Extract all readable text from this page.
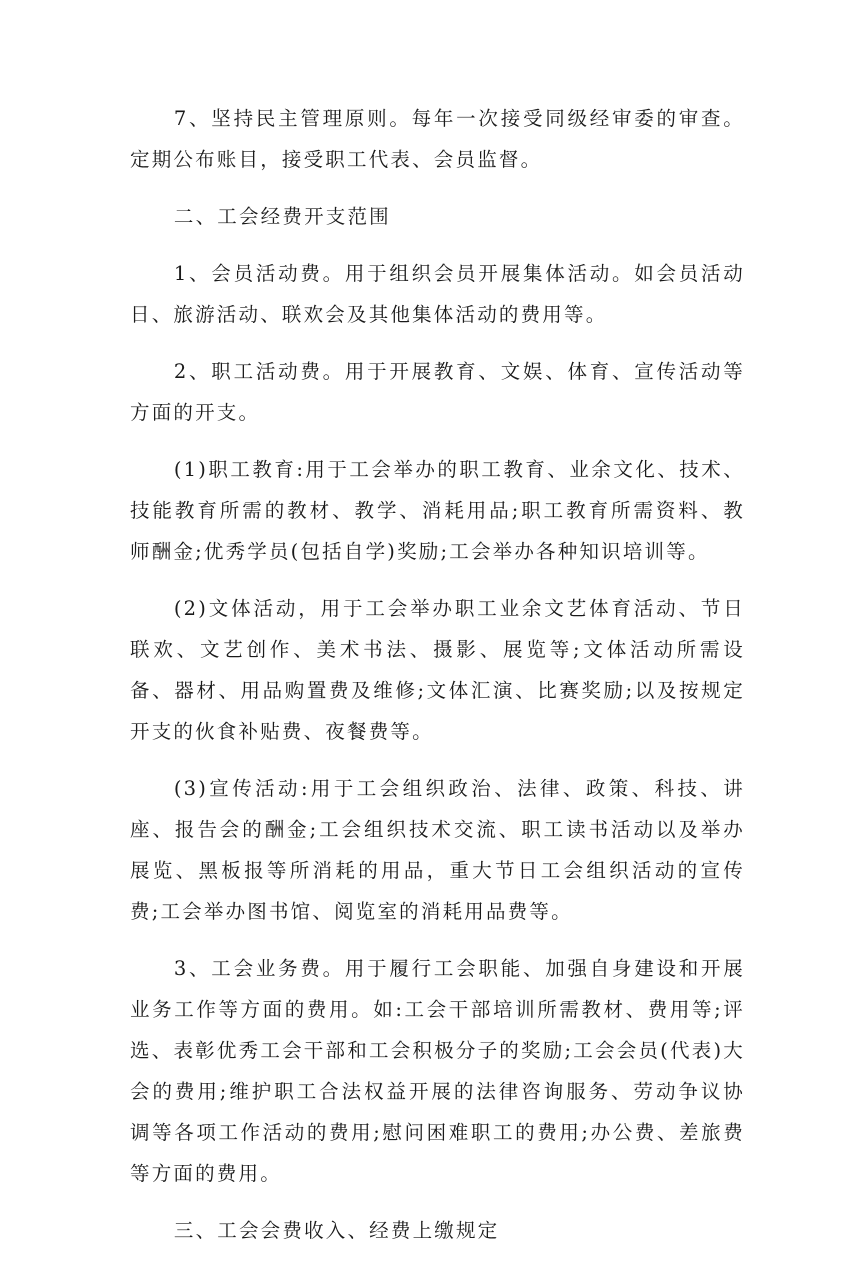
7、坚持民主管理原则。每年一次接受同级经审委的审查。定期公布账目，接受职工代表、会员监督。

二、工会经费开支范围

1、会员活动费。用于组织会员开展集体活动。如会员活动日、旅游活动、联欢会及其他集体活动的费用等。

2、职工活动费。用于开展教育、文娱、体育、宣传活动等方面的开支。

(1)职工教育:用于工会举办的职工教育、业余文化、技术、技能教育所需的教材、教学、消耗用品;职工教育所需资料、教师酬金;优秀学员(包括自学)奖励;工会举办各种知识培训等。

(2)文体活动，用于工会举办职工业余文艺体育活动、节日联欢、文艺创作、美术书法、摄影、展览等;文体活动所需设备、器材、用品购置费及维修;文体汇演、比赛奖励;以及按规定开支的伙食补贴费、夜餐费等。

(3)宣传活动:用于工会组织政治、法律、政策、科技、讲座、报告会的酬金;工会组织技术交流、职工读书活动以及举办展览、黑板报等所消耗的用品，重大节日工会组织活动的宣传费;工会举办图书馆、阅览室的消耗用品费等。

3、工会业务费。用于履行工会职能、加强自身建设和开展业务工作等方面的费用。如:工会干部培训所需教材、费用等;评选、表彰优秀工会干部和工会积极分子的奖励;工会会员(代表)大会的费用;维护职工合法权益开展的法律咨询服务、劳动争议协调等各项工作活动的费用;慰问困难职工的费用;办公费、差旅费等方面的费用。

三、工会会费收入、经费上缴规定
